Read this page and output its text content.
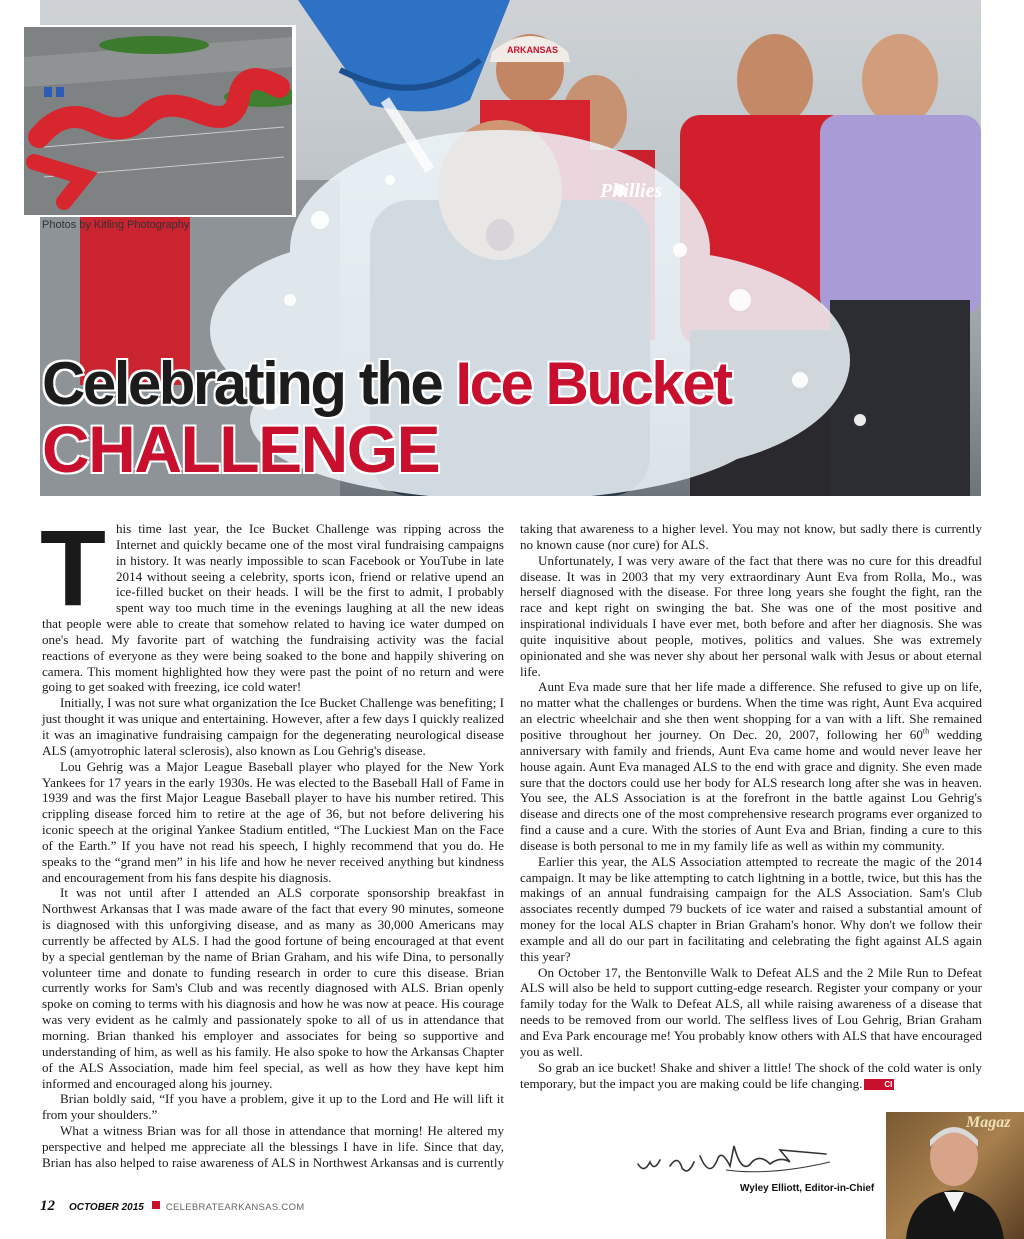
ARKANSAS
Phillies
Photos by Kitling Photography
Celebrating the Ice Bucket
CHALLENGE

This time last year, the Ice Bucket Challenge was ripping across the Internet and quickly became one of the most viral fundraising campaigns in history. It was nearly impossible to scan Facebook or YouTube in late 2014 without seeing a celebrity, sports icon, friend or relative upend an ice-filled bucket on their heads. I will be the first to admit, I probably spent way too much time in the evenings laughing at all the new ideas that people were able to create that somehow related to having ice water dumped on one's head. My favorite part of watching the fundraising activity was the facial reactions of everyone as they were being soaked to the bone and happily shivering on camera. This moment highlighted how they were past the point of no return and were going to get soaked with freezing, ice cold water!

Initially, I was not sure what organization the Ice Bucket Challenge was benefiting; I just thought it was unique and entertaining. However, after a few days I quickly realized it was an imaginative fundraising campaign for the degenerating neurological disease ALS (amyotrophic lateral sclerosis), also known as Lou Gehrig's disease.

Lou Gehrig was a Major League Baseball player who played for the New York Yankees for 17 years in the early 1930s. He was elected to the Baseball Hall of Fame in 1939 and was the first Major League Baseball player to have his number retired. This crippling disease forced him to retire at the age of 36, but not before delivering his iconic speech at the original Yankee Stadium entitled, “The Luckiest Man on the Face of the Earth.” If you have not read his speech, I highly recommend that you do. He speaks to the “grand men” in his life and how he never received anything but kindness and encouragement from his fans despite his diagnosis.

It was not until after I attended an ALS corporate sponsorship breakfast in Northwest Arkansas that I was made aware of the fact that every 90 minutes, someone is diagnosed with this unforgiving disease, and as many as 30,000 Americans may currently be affected by ALS. I had the good fortune of being encouraged at that event by a special gentleman by the name of Brian Graham, and his wife Dina, to personally volunteer time and donate to funding research in order to cure this disease. Brian currently works for Sam's Club and was recently diagnosed with ALS. Brian openly spoke on coming to terms with his diagnosis and how he was now at peace. His courage was very evident as he calmly and passionately spoke to all of us in attendance that morning. Brian thanked his employer and associates for being so supportive and understanding of him, as well as his family. He also spoke to how the Arkansas Chapter of the ALS Association, made him feel special, as well as how they have kept him informed and encouraged along his journey.

Brian boldly said, “If you have a problem, give it up to the Lord and He will lift it from your shoulders.”

What a witness Brian was for all those in attendance that morning! He altered my perspective and helped me appreciate all the blessings I have in life. Since that day, Brian has also helped to raise awareness of ALS in Northwest Arkansas and is currently taking that awareness to a higher level. You may not know, but sadly there is currently no known cause (nor cure) for ALS.

Unfortunately, I was very aware of the fact that there was no cure for this dreadful disease. It was in 2003 that my very extraordinary Aunt Eva from Rolla, Mo., was herself diagnosed with the disease. For three long years she fought the fight, ran the race and kept right on swinging the bat. She was one of the most positive and inspirational individuals I have ever met, both before and after her diagnosis. She was quite inquisitive about people, motives, politics and values. She was extremely opinionated and she was never shy about her personal walk with Jesus or about eternal life.

Aunt Eva made sure that her life made a difference. She refused to give up on life, no matter what the challenges or burdens. When the time was right, Aunt Eva acquired an electric wheelchair and she then went shopping for a van with a lift. She remained positive throughout her journey. On Dec. 20, 2007, following her 60th wedding anniversary with family and friends, Aunt Eva came home and would never leave her house again. Aunt Eva managed ALS to the end with grace and dignity. She even made sure that the doctors could use her body for ALS research long after she was in heaven. You see, the ALS Association is at the forefront in the battle against Lou Gehrig's disease and directs one of the most comprehensive research programs ever organized to find a cause and a cure. With the stories of Aunt Eva and Brian, finding a cure to this disease is both personal to me in my family life as well as within my community.

Earlier this year, the ALS Association attempted to recreate the magic of the 2014 campaign. It may be like attempting to catch lightning in a bottle, twice, but this has the makings of an annual fundraising campaign for the ALS Association. Sam's Club associates recently dumped 79 buckets of ice water and raised a substantial amount of money for the local ALS chapter in Brian Graham's honor. Why don't we follow their example and all do our part in facilitating and celebrating the fight against ALS again this year?

On October 17, the Bentonville Walk to Defeat ALS and the 2 Mile Run to Defeat ALS will also be held to support cutting-edge research. Register your company or your family today for the Walk to Defeat ALS, all while raising awareness of a disease that needs to be removed from our world. The selfless lives of Lou Gehrig, Brian Graham and Eva Park encourage me! You probably know others with ALS that have encouraged you as well.

So grab an ice bucket! Shake and shiver a little! The shock of the cold water is only temporary, but the impact you are making could be life changing.	CI

Wyley Elliott, Editor-in-Chief
Magaz
12 OCTOBER 2015 CELEBRATEARKANSAS.COM
